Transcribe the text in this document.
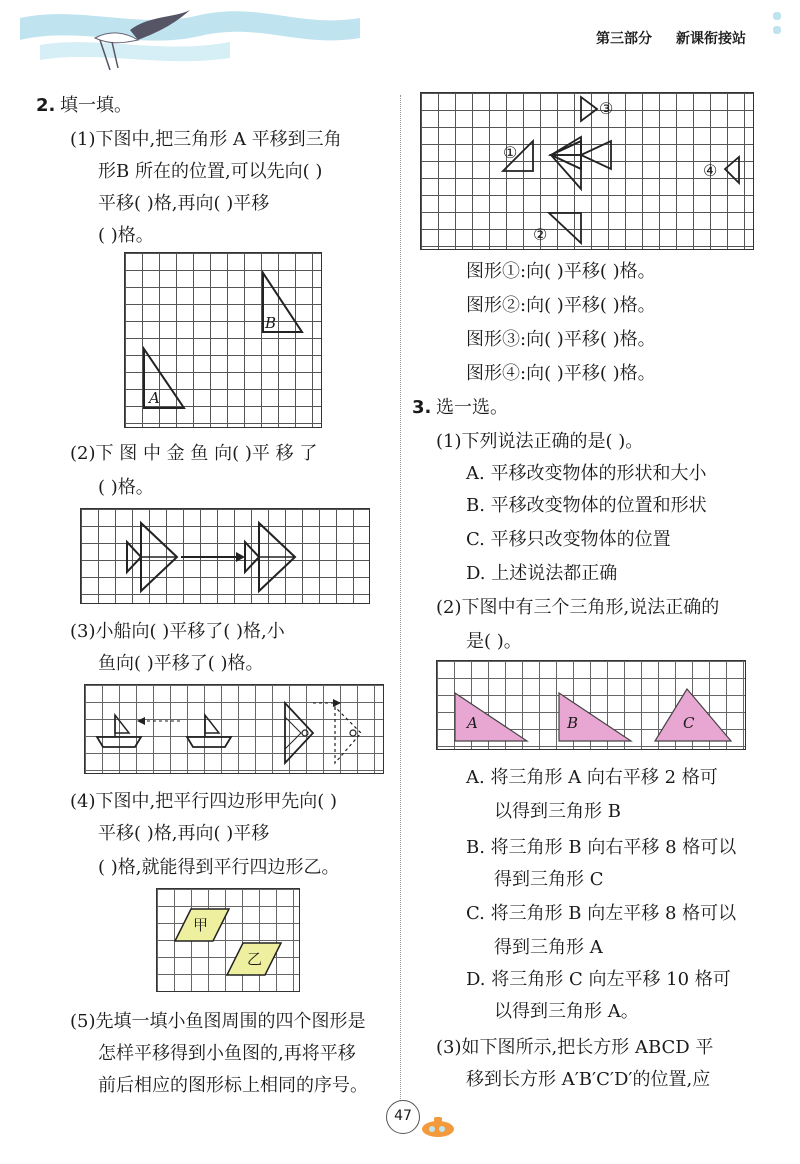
第三部分 新课衔接站
2. 填一填。
(1)下图中,把三角形 A 平移到三角
形B 所在的位置,可以先向( )
平移( )格,再向( )平移
( )格。
A
B
(2)下 图 中 金 鱼 向( )平 移 了
( )格。
(3)小船向( )平移了( )格,小
鱼向( )平移了( )格。
(4)下图中,把平行四边形甲先向( )
平移( )格,再向( )平移
( )格,就能得到平行四边形乙。
甲
乙
(5)先填一填小鱼图周围的四个图形是
怎样平移得到小鱼图的,再将平移
前后相应的图形标上相同的序号。
①
②
③
④
图形①:向( )平移( )格。
图形②:向( )平移( )格。
图形③:向( )平移( )格。
图形④:向( )平移( )格。
3. 选一选。
(1)下列说法正确的是( )。
A. 平移改变物体的形状和大小
B. 平移改变物体的位置和形状
C. 平移只改变物体的位置
D. 上述说法都正确
(2)下图中有三个三角形,说法正确的
是( )。
A	B	C
A. 将三角形 A 向右平移 2 格可
以得到三角形 B
B. 将三角形 B 向右平移 8 格可以
得到三角形 C
C. 将三角形 B 向左平移 8 格可以
得到三角形 A
D. 将三角形 C 向左平移 10 格可
以得到三角形 A。
(3)如下图所示,把长方形 ABCD 平
移到长方形 A′B′C′D′的位置,应
47
